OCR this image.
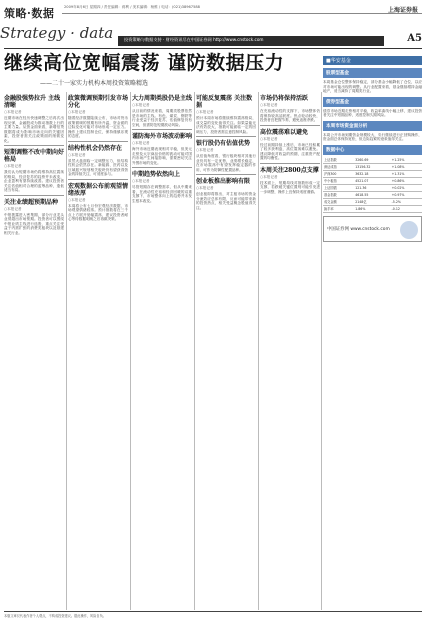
策略·数据	2009年8月6日 星期四 / 责任编辑：蒋利 / 美术编辑：杨维 / 电话：(021)38967588	上海证券报
Strategy · data	投资策略与数据支持 · 财经资讯尽在中国证券网 http://www.cnstock.com	A5
继续高位宽幅震荡 谨防数据压力
——二十一家实力机构本周投资策略精选
金融股强势拉升 主线清晰
○本报记者
近期市场在经历快速调整之后再次出现反弹，金融股成为推动指数上行的主要力量。从资金面来看，新增信贷数据将成为影响市场走向的关键因素，投资者需关注政策面的细微变化。
短期调整不改中期向好格局
○本报记者
我们认为短期市场仍将维持高位震荡的格局，经济复苏的趋势并未改变，企业盈利有望持续改善。建议投资者关注估值相对合理的蓝筹品种，逢低适当布局。
关注业绩超预期品种
○本报记者
中报披露进入密集期，部分行业龙头业绩超出市场预期。投资者可以围绕中报业绩主线进行选股，重点关注受益于内需扩张的消费类板块以及基建相关行业。
政策微调预期引发市场分化
○本报记者
随着经济数据陆续公布，市场对货币政策微调的预期有所升温，资金面的边际变化可能对市场形成一定压力。操作上建议控制仓位，保持谨慎乐观的态度。
结构性机会仍然存在
○本报记者
虽然大盘面临一定调整压力，但结构性机会依然存在。新能源、医药以及区域振兴规划相关板块仍有望获得资金的持续关注，可适度参与。
宏观数据公布前观望情绪浓厚
○本报记者
本周将公布七月份宏观经济数据，市场观望情绪较浓。预计指数将在三千点上方展开宽幅震荡，建议投资者耐心等待数据明朗之后再做决策。
大力周期类股仍是主线
○本报记者
从目前的情况来看，周期类股票依然是市场的主线。有色、煤炭、钢铁等行业受益于经济复苏，估值修复仍有空间，但需防范短期波动风险。
谨防海外市场波动影响
○本报记者
海外市场近期表现相对平稳，但美元走势及大宗商品价格的波动可能对国内市场产生间接影响，需要密切关注外围市场的变化。
中期趋势依然向上
○本报记者
尽管短期存在调整需求，但从中期来看，在流动性充裕和经济回暖的双重支撑下，市场整体向上的趋势并未发生根本改变。
可能反复震荡 关注数据
○本报记者
预计本周市场将继续维持震荡格局，成交量的变化值得关注。如果量能无法有效放大，指数可能面临一定的回调压力，投资者需注意控制风险。
银行股仍有估值优势
○本报记者
从估值角度看，银行板块相对其他行业仍具有一定优势，业绩增长稳定，在市场震荡中有望发挥稳定器的作用，可作为防御性配置品种。
创业板推出影响有限
○本报记者
创业板即将推出，对主板市场的资金分流效应总体有限，反而可能带来新的投资热点，相关受益概念股值得关注。
市场仍将保持活跃
○本报记者
在充裕流动性的支撑下，市场整体仍将保持较高活跃度。热点轮动较快，投资者宜把握节奏，避免追涨杀跌。
高位震荡难以避免
○本报记者
经过前期持续上涨后，市场已经积累了较多获利盘，高位震荡难以避免。建议降低对收益的预期，注重资产配置的均衡性。
本周关注2800点支撑
○本报记者
技术面上，短期均线对指数形成一定支撑，若跌破关键位置则可能引发进一步调整，操作上宜保持适度谨慎。
■华安基金
股票型基金
本周基金仓位整体保持稳定，部分基金小幅降低了仓位，以应对市场可能出现的调整。从行业配置来看，基金继续增持金融地产，适当减持了周期类行业。
债券型基金
债券市场近期走势相对平稳，收益率曲线小幅上移，建议投资者关注中短期品种，适度控制久期风险。
本周市场资金面分析
本周公开市场到期资金规模较大，央行继续进行正回购操作，资金面总体保持宽松，但边际趋紧的迹象值得关注。
数据中心
上证指数	3260.69	+1.25%
深证成指	13156.32	+1.08%
沪深300	3632.18	+1.31%
中小板指	4521.07	+0.86%
上证国债	121.36	+0.02%
基金指数	4618.55	+0.97%
成交金额	2148亿	-5.2%
换手率	1.86%	-0.12
中国证券网 www.cnstock.com
本版文章仅代表作者个人观点，不构成投资建议。据此操作，风险自负。
